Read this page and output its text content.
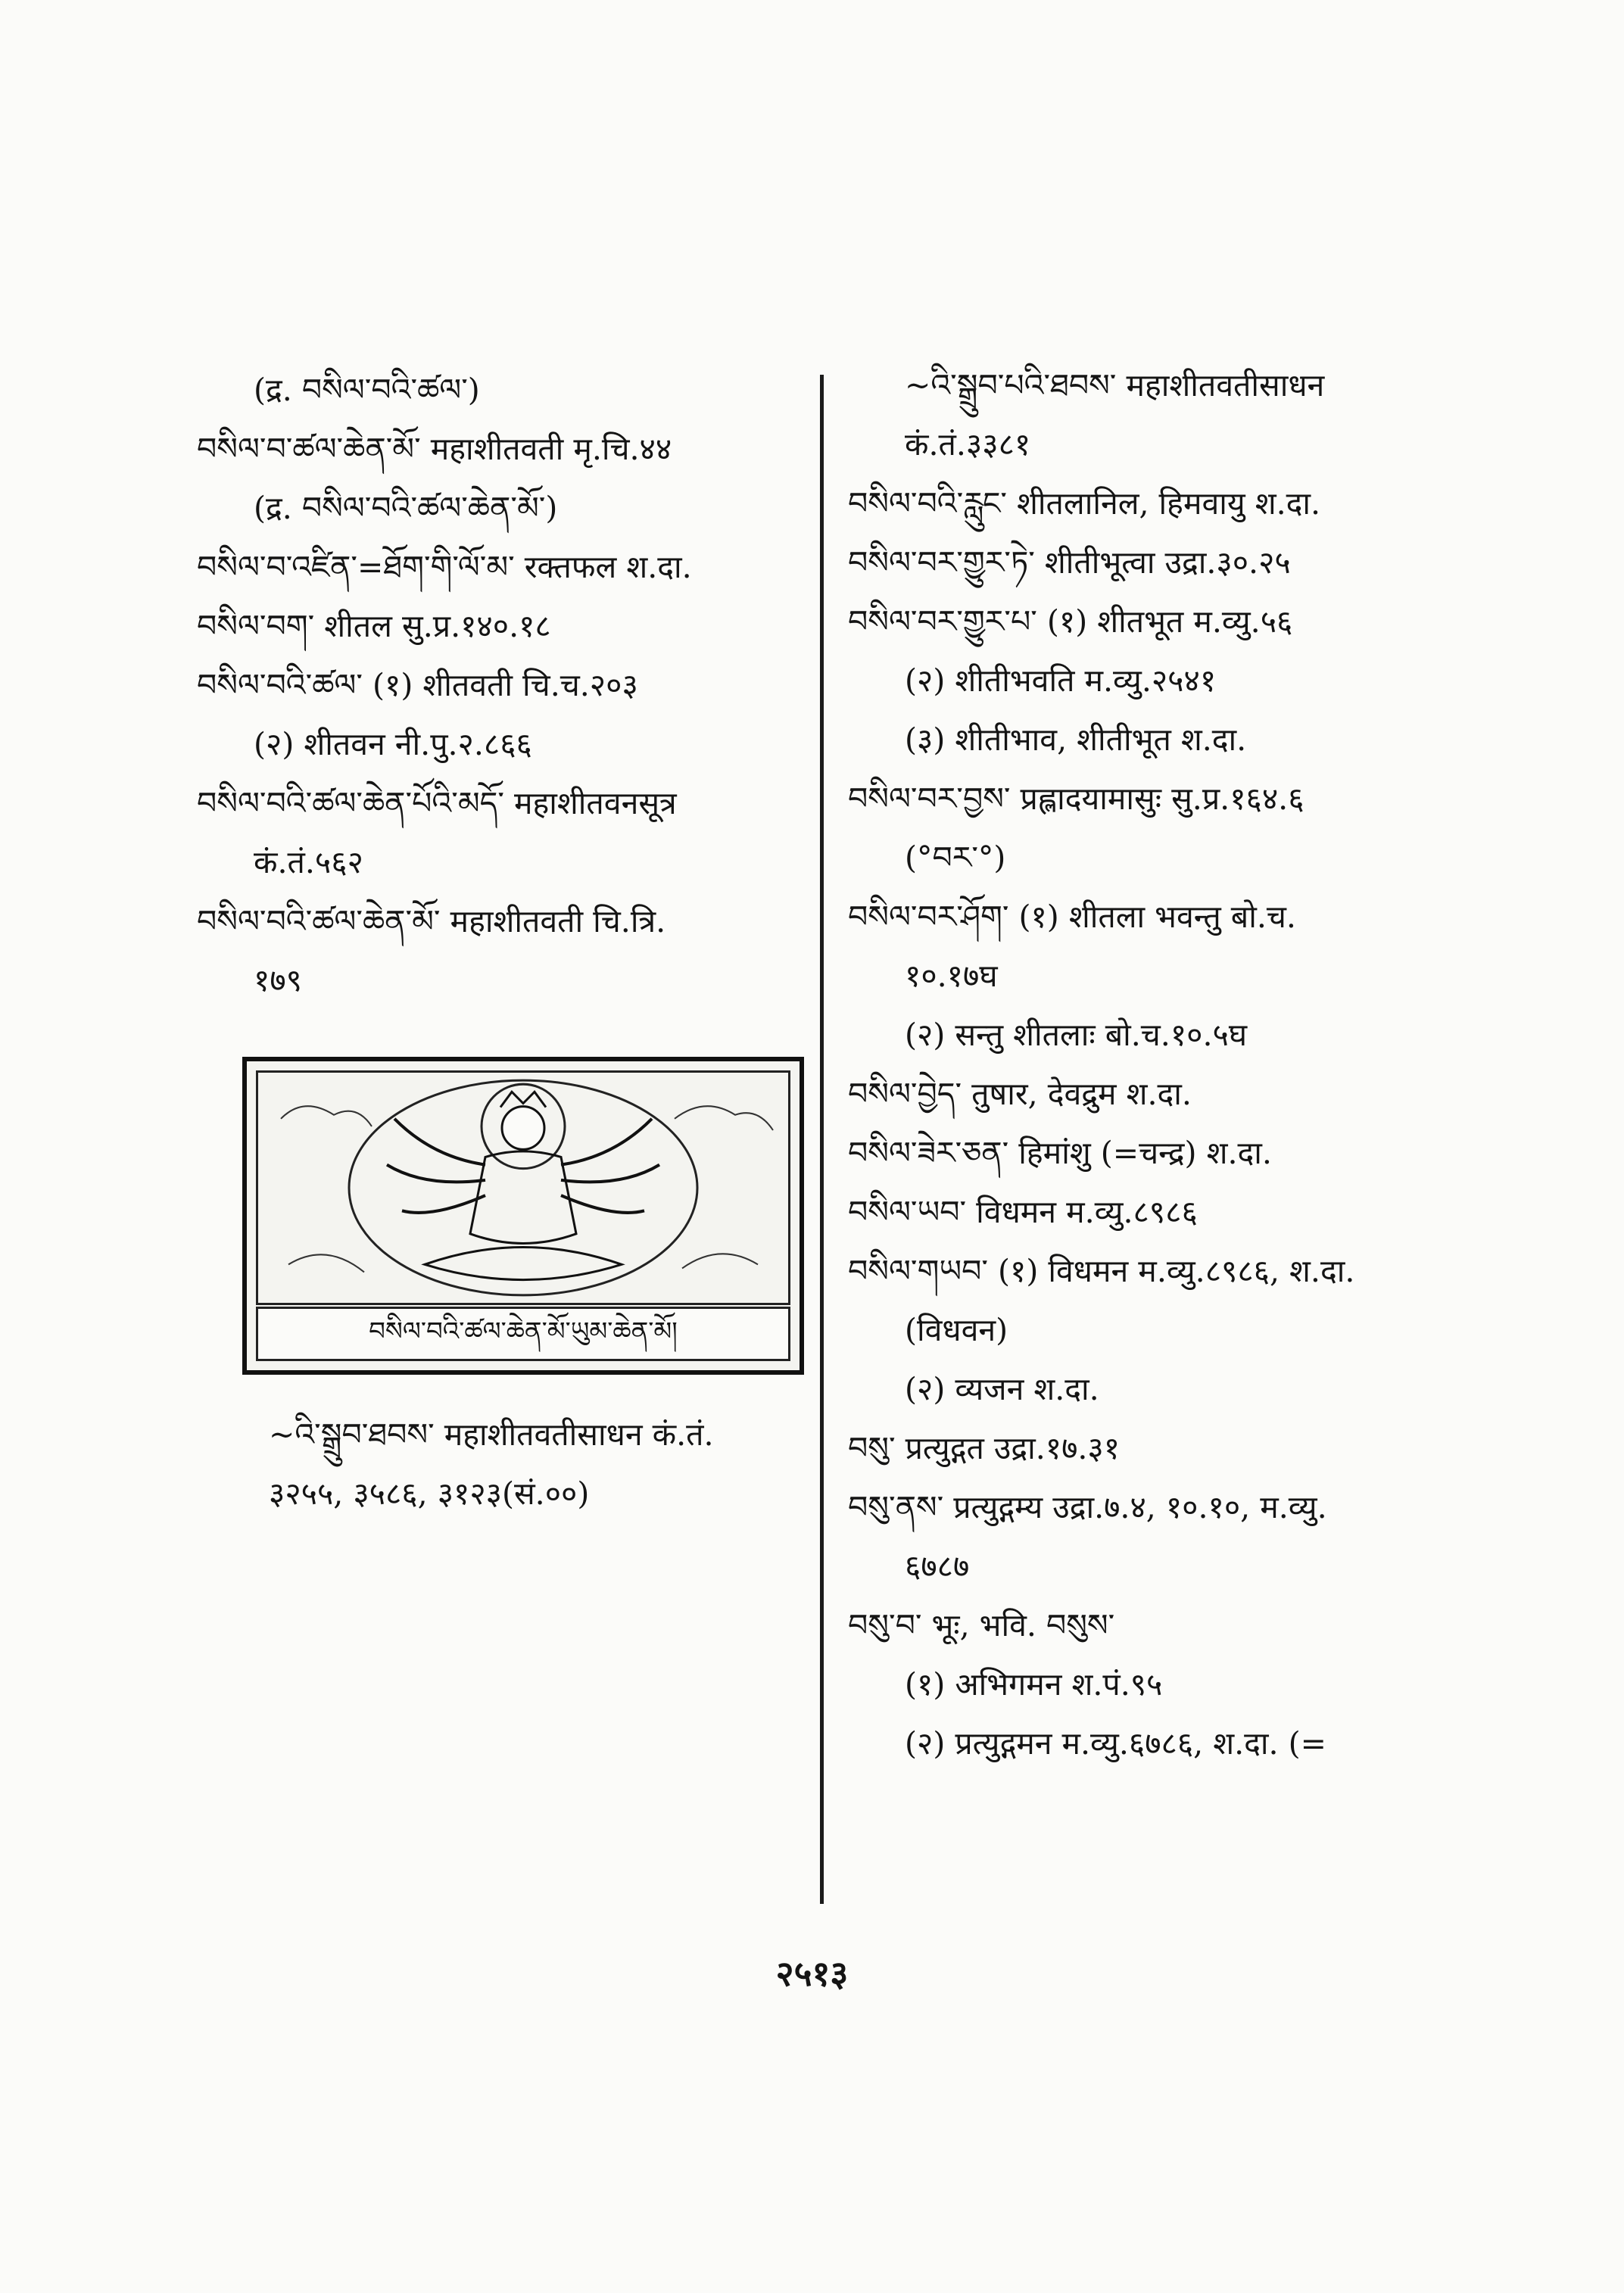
(द्र. བསིལ་བའི་ཚལ་)
བསིལ་བ་ཚལ་ཆེན་མོ་ महाशीतवती मृ.चि.४४
(द्र. བསིལ་བའི་ཚལ་ཆེན་མོ་)
བསིལ་བ་འཛིན་=ཐོག་གི་ལོ་མ་ रक्तफल श.दा.
བསིལ་བག་ शीतल सु.प्र.१४०.१८
བསིལ་བའི་ཚལ་ (१) शीतवती चि.च.२०३
(२) शीतवन नी.पु.२.८६६
བསིལ་བའི་ཚལ་ཆེན་པོའི་མདོ་ महाशीतवनसूत्र
कं.तं.५६२
བསིལ་བའི་ཚལ་ཆེན་མོ་ महाशीतवती चि.त्रि.
१७९
བསིལ་བའི་ཚལ་ཆེན་མོ་ཡུམ་ཆེན་མོ།
~འི་སྒྲུབ་ཐབས་ महाशीतवतीसाधन कं.तं.
३२५५, ३५८६, ३१२३(सं.००)
~འི་སྒྲུབ་པའི་ཐབས་ महाशीतवतीसाधन
कं.तं.३३८१
བསིལ་བའི་རླུང་ शीतलानिल, हिमवायु श.दा.
བསིལ་བར་གྱུར་ཏེ་ शीतीभूत्वा उद्रा.३०.२५
བསིལ་བར་གྱུར་པ་ (१) शीतभूत म.व्यु.५६
(२) शीतीभवति म.व्यु.२५४१
(३) शीतीभाव, शीतीभूत श.दा.
བསིལ་བར་བྱས་ प्रह्लादयामासुः सु.प्र.१६४.६
(°བར་°)
བསིལ་བར་ཤོག་ (१) शीतला भवन्तु बो.च.
१०.१७घ
(२) सन्तु शीतलाः बो.च.१०.५घ
བསིལ་བྱེད་ तुषार, देवद्रुम श.दा.
བསིལ་ཟེར་ཅན་ हिमांशु (=चन्द्र) श.दा.
བསིལ་ཡབ་ विधमन म.व्यु.८९८६
བསིལ་གཡབ་ (१) विधमन म.व्यु.८९८६, श.दा.
(विधवन)
(२) व्यजन श.दा.
བསུ་ प्रत्युद्गत उद्रा.१७.३१
བསུ་ནས་ प्रत्युद्गम्य उद्रा.७.४, १०.१०, म.व्यु.
६७८७
བསུ་བ་ भूः, भवि. བསུས་
(१) अभिगमन श.पं.९५
(२) प्रत्युद्गमन म.व्यु.६७८६, श.दा. (=
२५१३
